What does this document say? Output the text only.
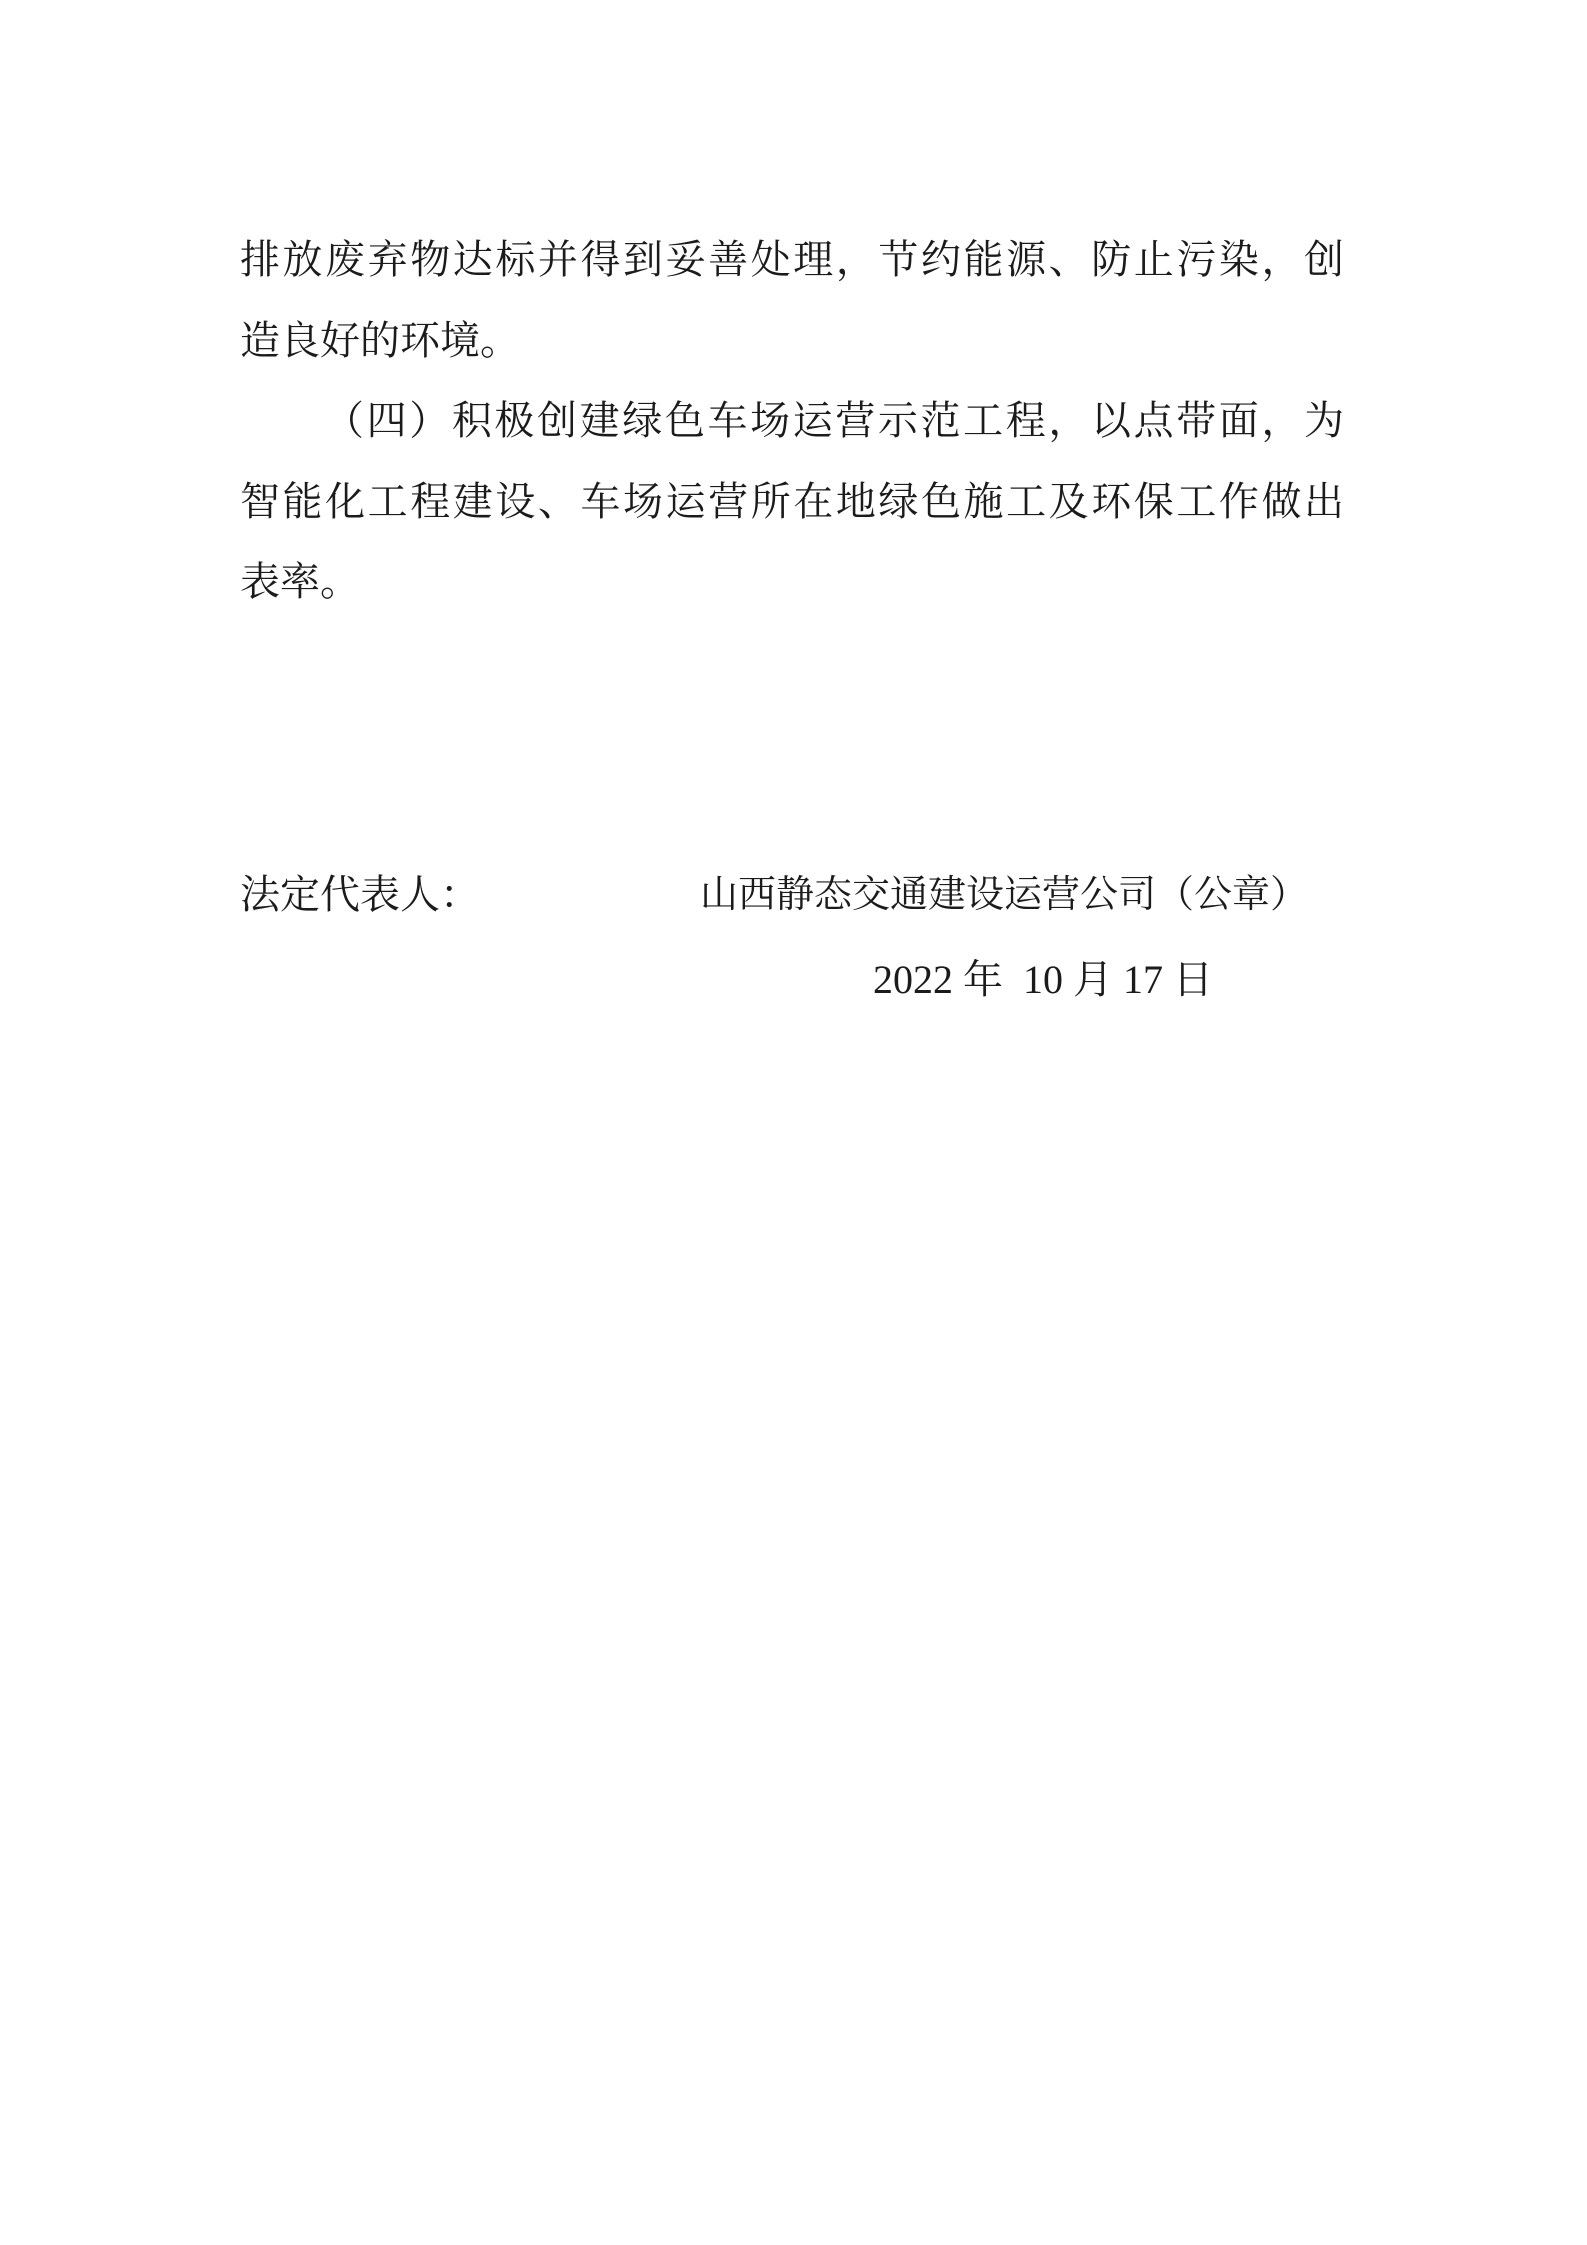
排放废弃物达标并得到妥善处理，节约能源、防止污染，创
造良好的环境。
（四）积极创建绿色车场运营示范工程，以点带面，为
智能化工程建设、车场运营所在地绿色施工及环保工作做出
表率。
法定代表人：	山西静态交通建设运营公司（公章）
2022 年  10 月 17 日
